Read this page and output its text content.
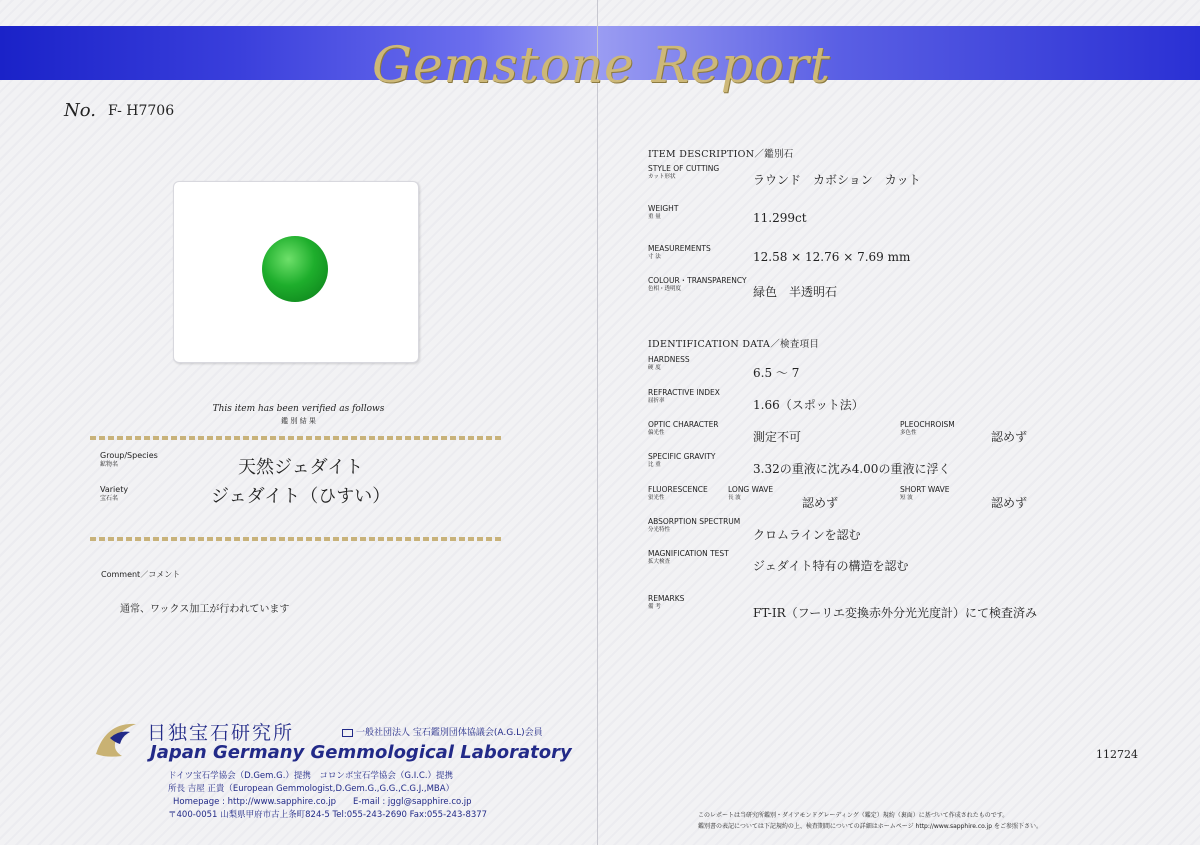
Gemstone Report
No. F- H7706
This item has been verified as follows
鑑 別 結 果
Group/Species
鉱物名	天然ジェダイト
Variety
宝石名	ジェダイト（ひすい）
Comment／コメント
通常、ワックス加工が行われています
日独宝石研究所	一般社団法人 宝石鑑別団体協議会(A.G.L)会員
Japan Germany Gemmological Laboratory
ドイツ宝石学協会（D.Gem.G.）提携　コロンボ宝石学協会（G.I.C.）提携
所長 吉屋 正貴（European Gemmologist,D.Gem.G.,G.G.,C.G.J.,MBA）
Homepage : http://www.sapphire.co.jp　　E-mail : jggl@sapphire.co.jp
〒400-0051 山梨県甲府市古上条町824-5 Tel:055-243-2690 Fax:055-243-8377
ITEM DESCRIPTION／鑑別石
STYLE OF CUTTING
カット形状	ラウンド　カボション　カット
WEIGHT
重 量	11.299ct
MEASUREMENTS
寸 法	12.58 × 12.76 × 7.69 mm
COLOUR・TRANSPARENCY
色相・透明度	緑色　半透明石
IDENTIFICATION DATA／検査項目
HARDNESS
硬 度	6.5 〜 7
REFRACTIVE INDEX
屈折率	1.66（スポット法）
OPTIC CHARACTER
偏光性	測定不可
PLEOCHROISM
多色性	認めず
SPECIFIC GRAVITY
比 重	3.32の重液に沈み4.00の重液に浮く
FLUORESCENCE
蛍光性
LONG WAVE
長 波	認めず
SHORT WAVE
短 波	認めず
ABSORPTION SPECTRUM
分光特性	クロムラインを認む
MAGNIFICATION TEST
拡大検査	ジェダイト特有の構造を認む
REMARKS
備 考	FT-IR（フーリエ変換赤外分光光度計）にて検査済み
112724
このレポートは当研究所鑑別・ダイアモンドグレーディング（鑑定）規約（裏面）に基づいて作成されたものです。
鑑別書の表記については下記規約の上、検査期間についての詳細はホームページ http://www.sapphire.co.jp をご参照下さい。
